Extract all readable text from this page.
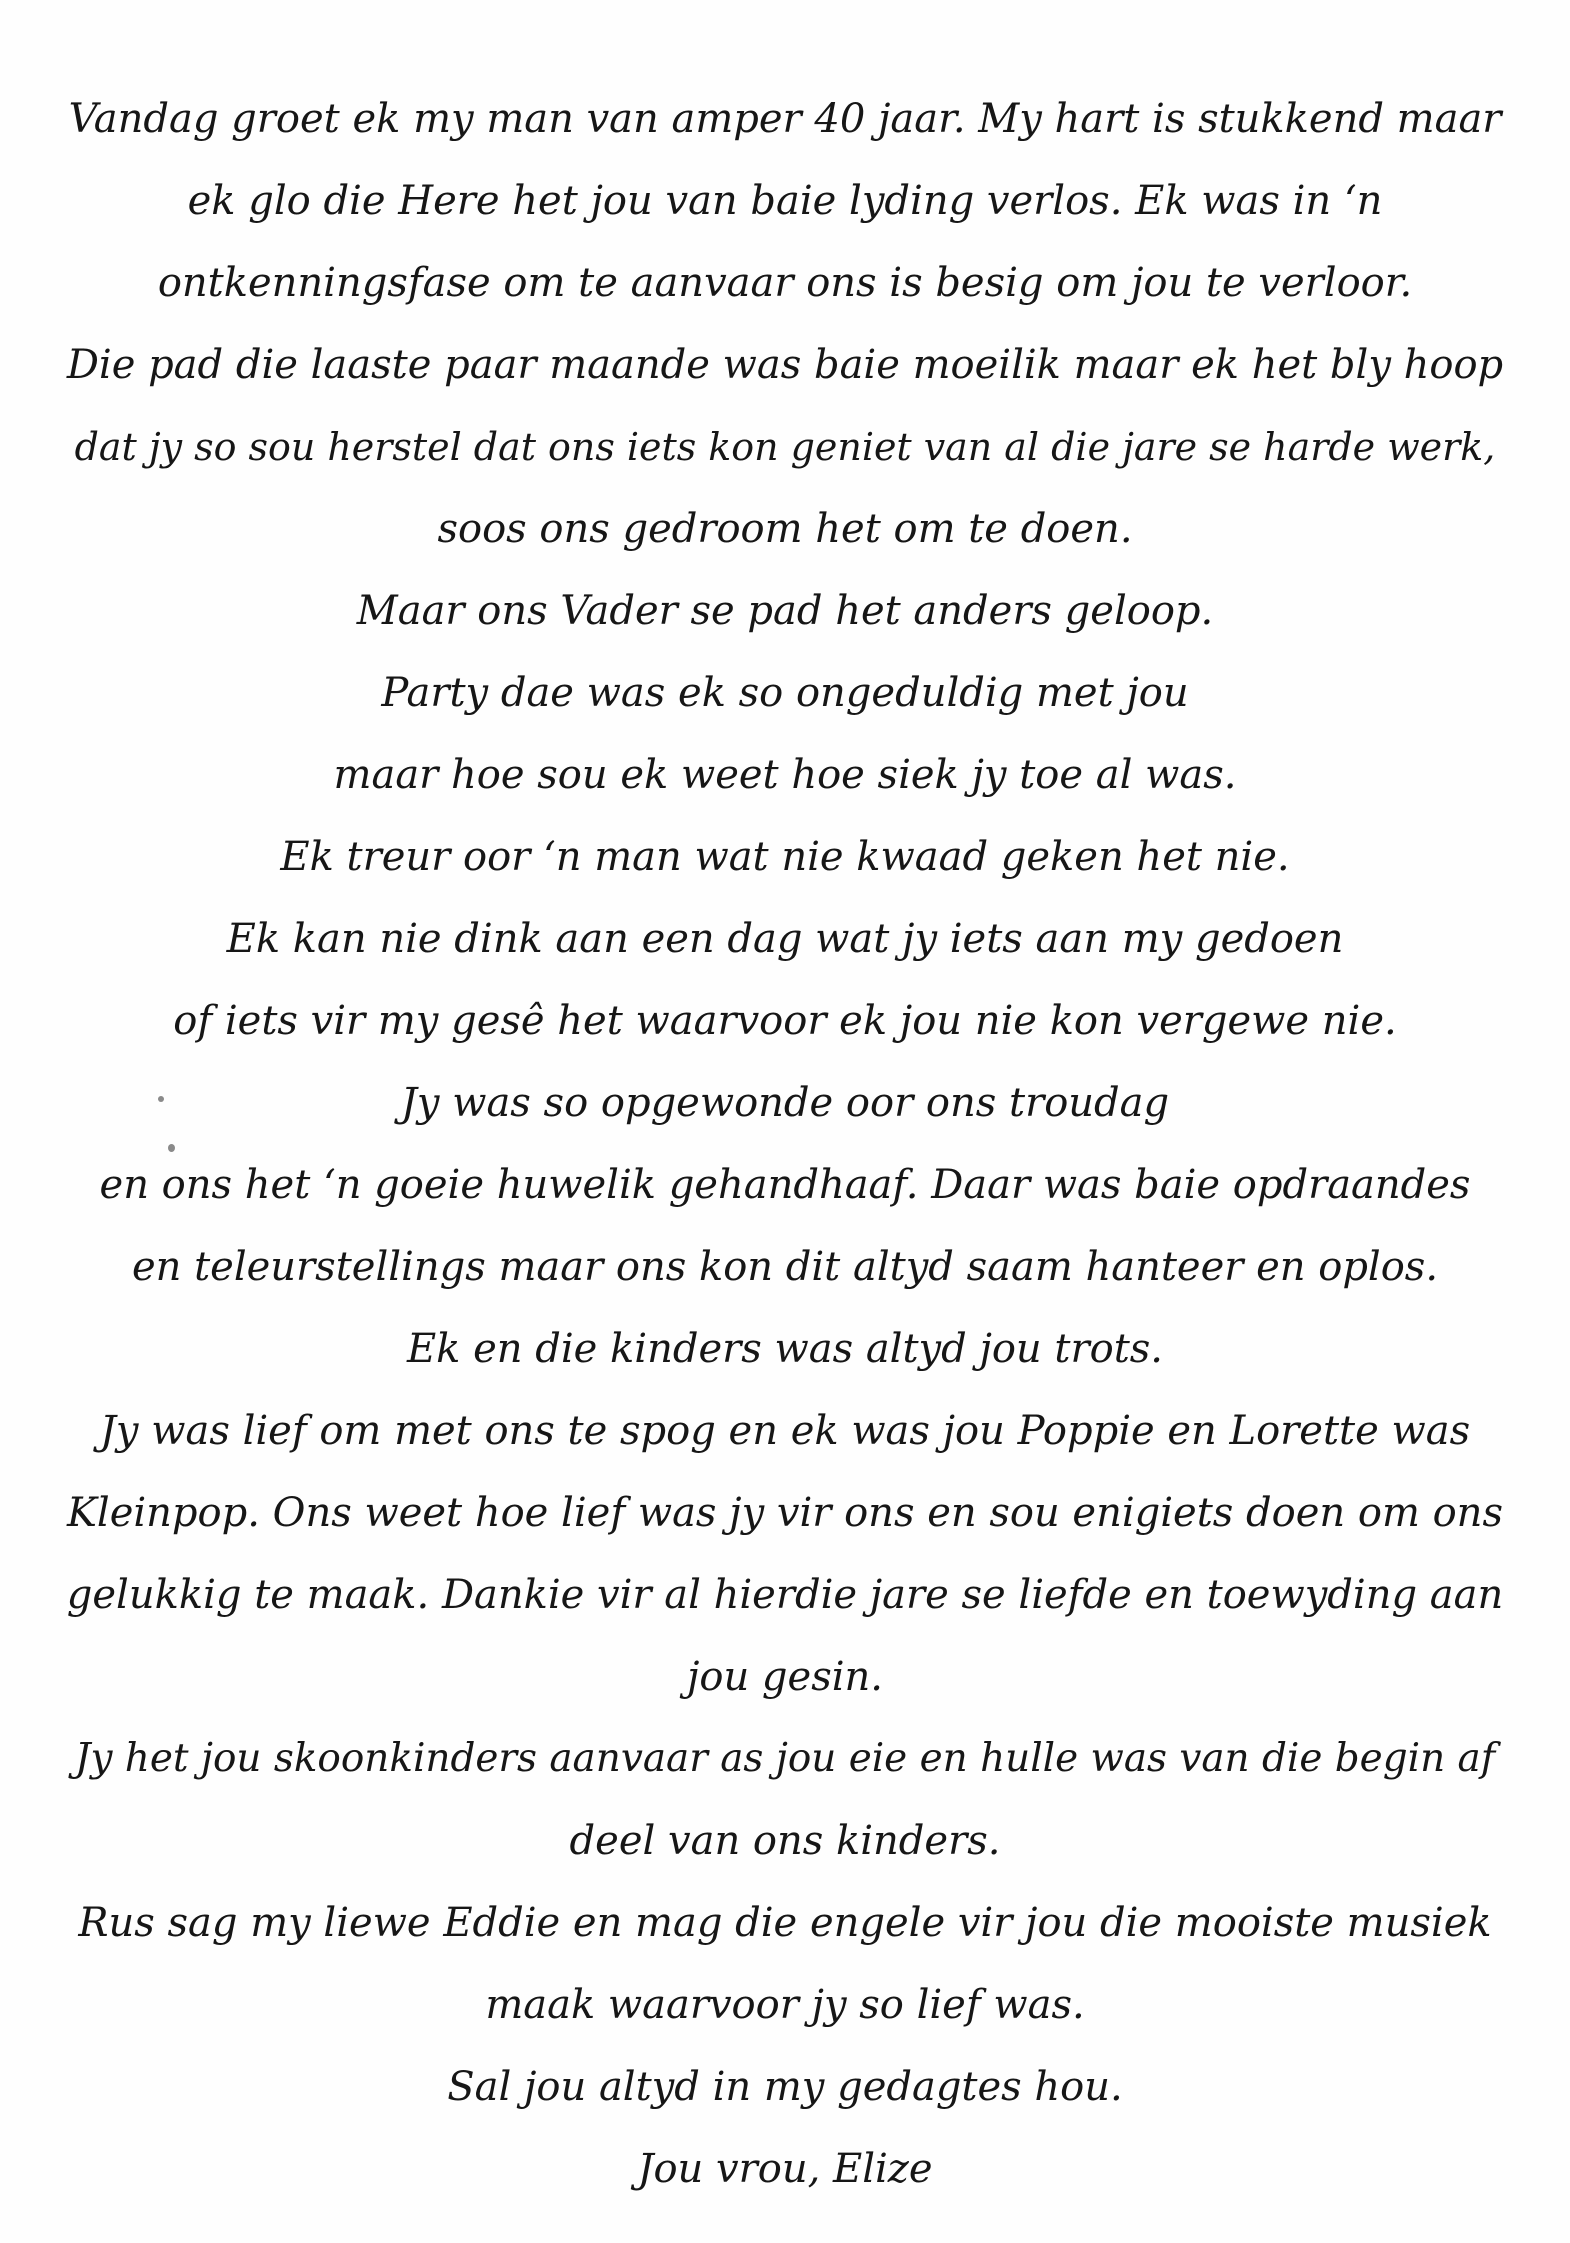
Vandag groet ek my man van amper 40 jaar. My hart is stukkend maar
ek glo die Here het jou van baie lyding verlos. Ek was in ‘n
ontkenningsfase om te aanvaar ons is besig om jou te verloor.
Die pad die laaste paar maande was baie moeilik maar ek het bly hoop
dat jy so sou herstel dat ons iets kon geniet van al die jare se harde werk,
soos ons gedroom het om te doen.
Maar ons Vader se pad het anders geloop.
Party dae was ek so ongeduldig met jou
maar hoe sou ek weet hoe siek jy toe al was.
Ek treur oor ‘n man wat nie kwaad geken het nie.
Ek kan nie dink aan een dag wat jy iets aan my gedoen
of iets vir my gesê het waarvoor ek jou nie kon vergewe nie.
Jy was so opgewonde oor ons troudag
en ons het ‘n goeie huwelik gehandhaaf. Daar was baie opdraandes
en teleurstellings maar ons kon dit altyd saam hanteer en oplos.
Ek en die kinders was altyd jou trots.
Jy was lief om met ons te spog en ek was jou Poppie en Lorette was
Kleinpop. Ons weet hoe lief was jy vir ons en sou enigiets doen om ons
gelukkig te maak. Dankie vir al hierdie jare se liefde en toewyding aan
jou gesin.
Jy het jou skoonkinders aanvaar as jou eie en hulle was van die begin af
deel van ons kinders.
Rus sag my liewe Eddie en mag die engele vir jou die mooiste musiek
maak waarvoor jy so lief was.
Sal jou altyd in my gedagtes hou.
Jou vrou, Elize
